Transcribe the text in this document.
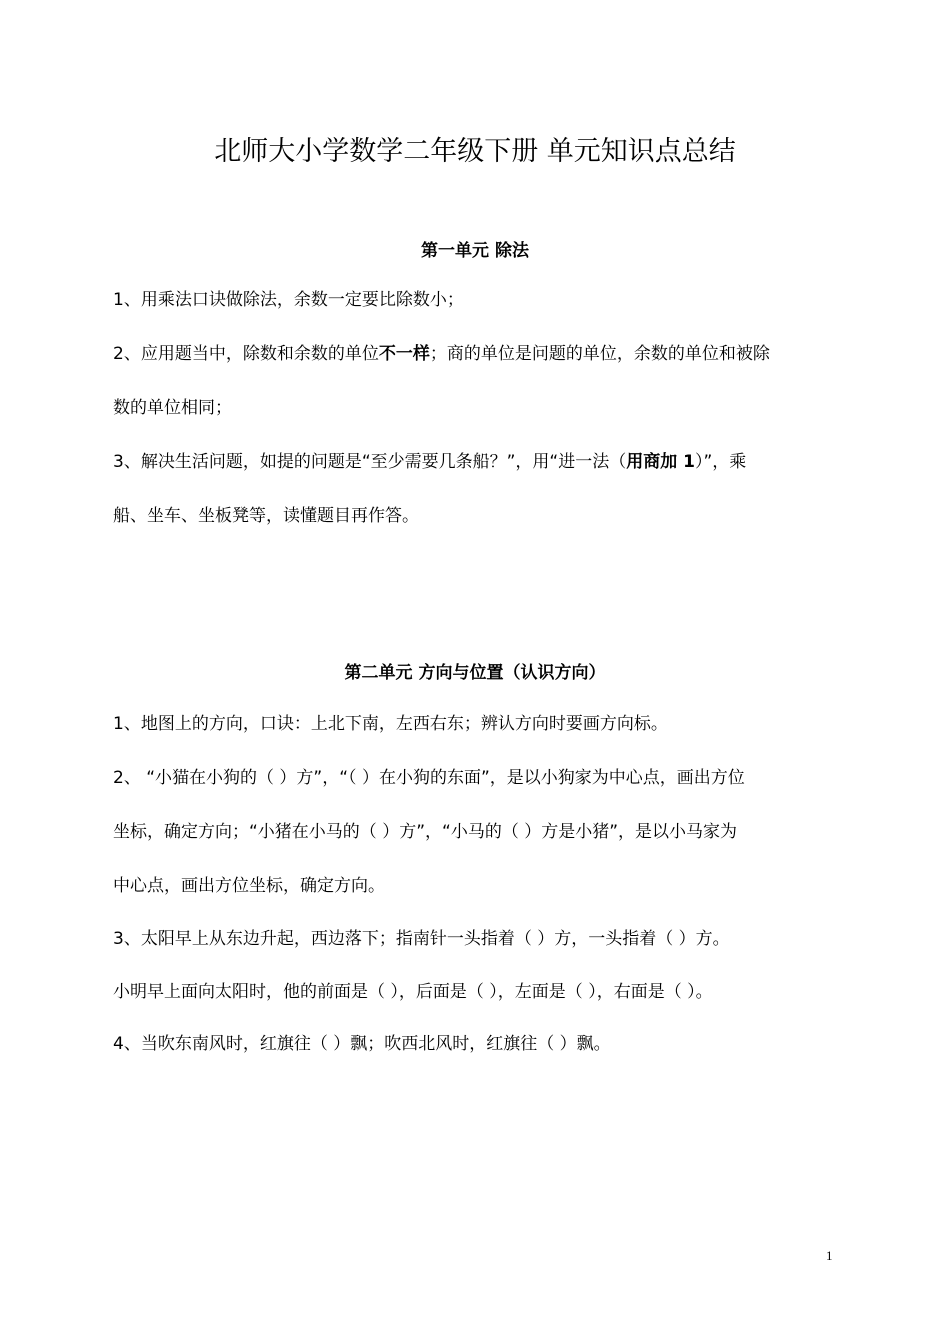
北师大小学数学二年级下册 单元知识点总结
第一单元 除法
1、用乘法口诀做除法，余数一定要比除数小；
2、应用题当中，除数和余数的单位不一样；商的单位是问题的单位，余数的单位和被除
数的单位相同；
3、解决生活问题，如提的问题是“至少需要几条船？”，用“进一法（用商加 1）”，乘
船、坐车、坐板凳等，读懂题目再作答。
第二单元 方向与位置（认识方向）
1、地图上的方向，口诀：上北下南，左西右东；辨认方向时要画方向标。
2、 “小猫在小狗的（ ）方”，“（ ）在小狗的东面”，是以小狗家为中心点，画出方位
坐标，确定方向；“小猪在小马的（ ）方”，“小马的（ ）方是小猪”，是以小马家为
中心点，画出方位坐标，确定方向。
3、太阳早上从东边升起，西边落下；指南针一头指着（ ）方，一头指着（ ）方。
小明早上面向太阳时，他的前面是（ ），后面是（ ），左面是（ ），右面是（ ）。
4、当吹东南风时，红旗往（ ）飘；吹西北风时，红旗往（ ）飘。
1
